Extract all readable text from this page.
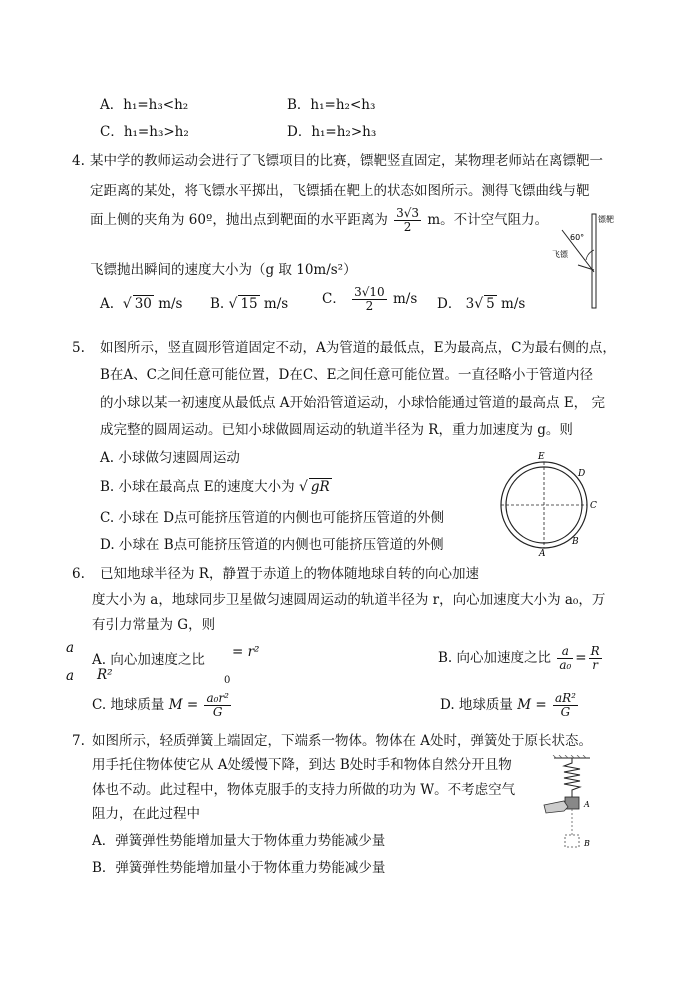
A．h₁=h₃<h₂	B．h₁=h₂<h₃
C．h₁=h₃>h₂	D．h₁=h₂>h₃
4. 某中学的教师运动会进行了飞镖项目的比赛，镖靶竖直固定，某物理老师站在离镖靶一
定距离的某处，将飞镖水平掷出，飞镖插在靶上的状态如图所示。测得飞镖曲线与靶
面上侧的夹角为 60º，抛出点到靶面的水平距离为 $\frac{3√3}{2}$ m。不计空气阻力。
飞镖抛出瞬间的速度大小为（g 取 10m/s²）
A.  √ 30 m/s B. √ 15 m/s	C． $\frac{3√10}{2} m/s$ D． 3√ 5 m/s
镖靶
60°
飞镖
5. 如图所示，竖直圆形管道固定不动，A为管道的最低点，E为最高点，C为最右侧的点，
B在A、C之间任意可能位置，D在C、E之间任意可能位置。一直径略小于管道内径
的小球以某一初速度从最低点 A开始沿管道运动，小球恰能通过管道的最高点 E， 完
成完整的圆周运动。已知小球做圆周运动的轨道半径为 R，重力加速度为 g。则
A. 小球做匀速圆周运动
B. 小球在最高点 E的速度大小为 √ gR
C. 小球在 D点可能挤压管道的内侧也可能挤压管道的外侧
D. 小球在 B点可能挤压管道的内侧也可能挤压管道的外侧
E
D
C
B
A
6. 已知地球半径为 R，静置于赤道上的物体随地球自转的向心加速
度大小为 a，地球同步卫星做匀速圆周运动的轨道半径为 r，向心加速度大小为 a₀，万
有引力常量为 G，则
a
a
A. 向心加速度之比 = r²
0
R²
B. 向心加速度之比 $\frac{a}{\text{a₀}} = \frac{R}{r}$
C. 地球质量 $M = \frac{\text{a₀r²}}{G}$	D. 地球质量 $M = \frac{\text{aR²}}{G}$
7. 如图所示，轻质弹簧上端固定，下端系一物体。物体在 A处时，弹簧处于原长状态。
用手托住物体使它从 A处缓慢下降，到达 B处时手和物体自然分开且物
体也不动。此过程中，物体克服手的支持力所做的功为 W。不考虑空气
阻力，在此过程中
A．弹簧弹性势能增加量大于物体重力势能减少量
B．弹簧弹性势能增加量小于物体重力势能减少量
A
B
